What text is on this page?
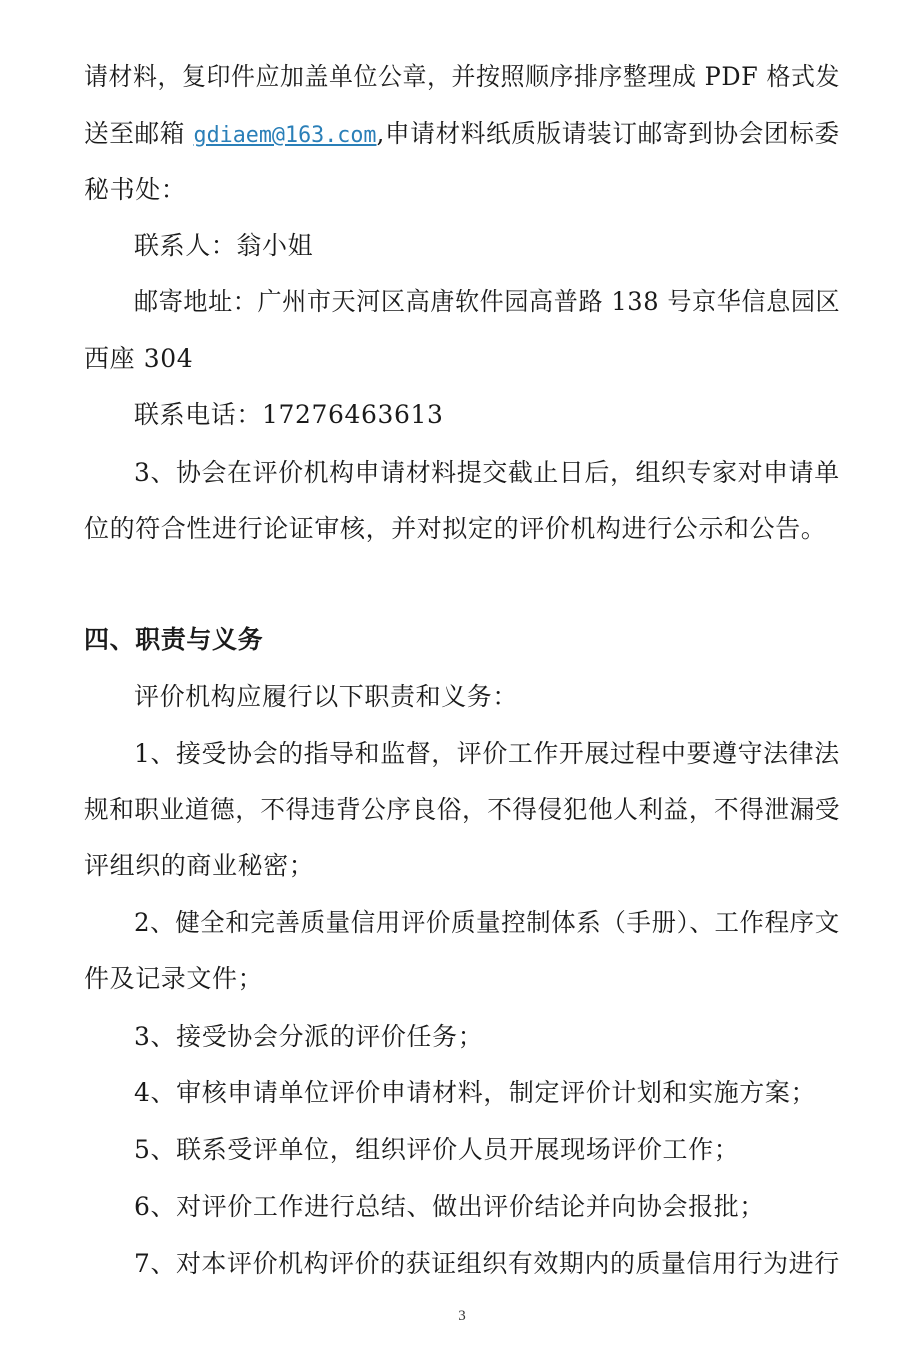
请材料，复印件应加盖单位公章，并按照顺序排序整理成 PDF 格式发
送至邮箱 gdiaem@163.com,申请材料纸质版请装订邮寄到协会团标委
秘书处：
联系人：翁小姐
邮寄地址：广州市天河区高唐软件园高普路 138 号京华信息园区
西座 304
联系电话：17276463613
3、协会在评价机构申请材料提交截止日后，组织专家对申请单
位的符合性进行论证审核，并对拟定的评价机构进行公示和公告。
四、职责与义务
评价机构应履行以下职责和义务：
1、接受协会的指导和监督，评价工作开展过程中要遵守法律法
规和职业道德，不得违背公序良俗，不得侵犯他人利益，不得泄漏受
评组织的商业秘密；
2、健全和完善质量信用评价质量控制体系（手册）、工作程序文
件及记录文件；
3、接受协会分派的评价任务；
4、审核申请单位评价申请材料，制定评价计划和实施方案；
5、联系受评单位，组织评价人员开展现场评价工作；
6、对评价工作进行总结、做出评价结论并向协会报批；
7、对本评价机构评价的获证组织有效期内的质量信用行为进行
3
